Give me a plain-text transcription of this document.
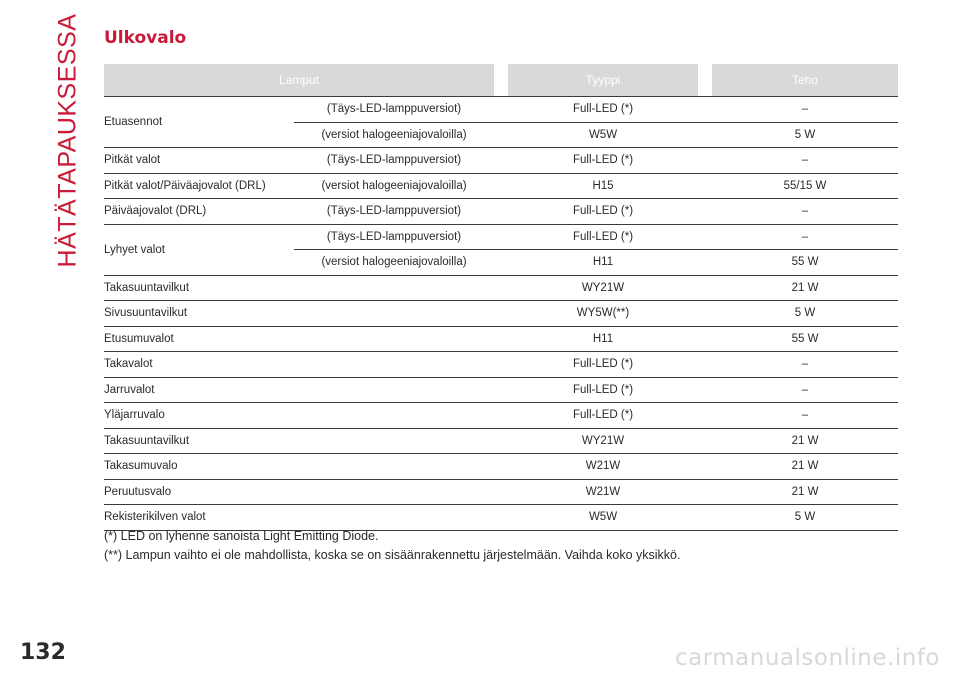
HÄTÄTAPAUKSESSA Ulkovalo
Lamput			Tyyppi		Teho
Etuasennot	(Täys-LED-lamppuversiot)		Full-LED (*)		–
	(versiot halogeeniajovaloilla)		W5W		5 W
Pitkät valot	(Täys-LED-lamppuversiot)		Full-LED (*)		–
Pitkät valot/Päiväajovalot (DRL)	(versiot halogeeniajovaloilla)		H15		55/15 W
Päiväajovalot (DRL)	(Täys-LED-lamppuversiot)		Full-LED (*)		–
Lyhyet valot	(Täys-LED-lamppuversiot)		Full-LED (*)		–
	(versiot halogeeniajovaloilla)		H11		55 W
Takasuuntavilkut			WY21W		21 W
Sivusuuntavilkut			WY5W(**)		5 W
Etusumuvalot			H11		55 W
Takavalot			Full-LED (*)		–
Jarruvalot			Full-LED (*)		–
Yläjarruvalo			Full-LED (*)		–
Takasuuntavilkut			WY21W		21 W
Takasumuvalo			W21W		21 W
Peruutusvalo			W21W		21 W
Rekisterikilven valot			W5W		5 W

(*) LED on lyhenne sanoista Light Emitting Diode.

(**) Lampun vaihto ei ole mahdollista, koska se on sisäänrakennettu järjestelmään. Vaihda koko yksikkö.

132	carmanualsonline.info
